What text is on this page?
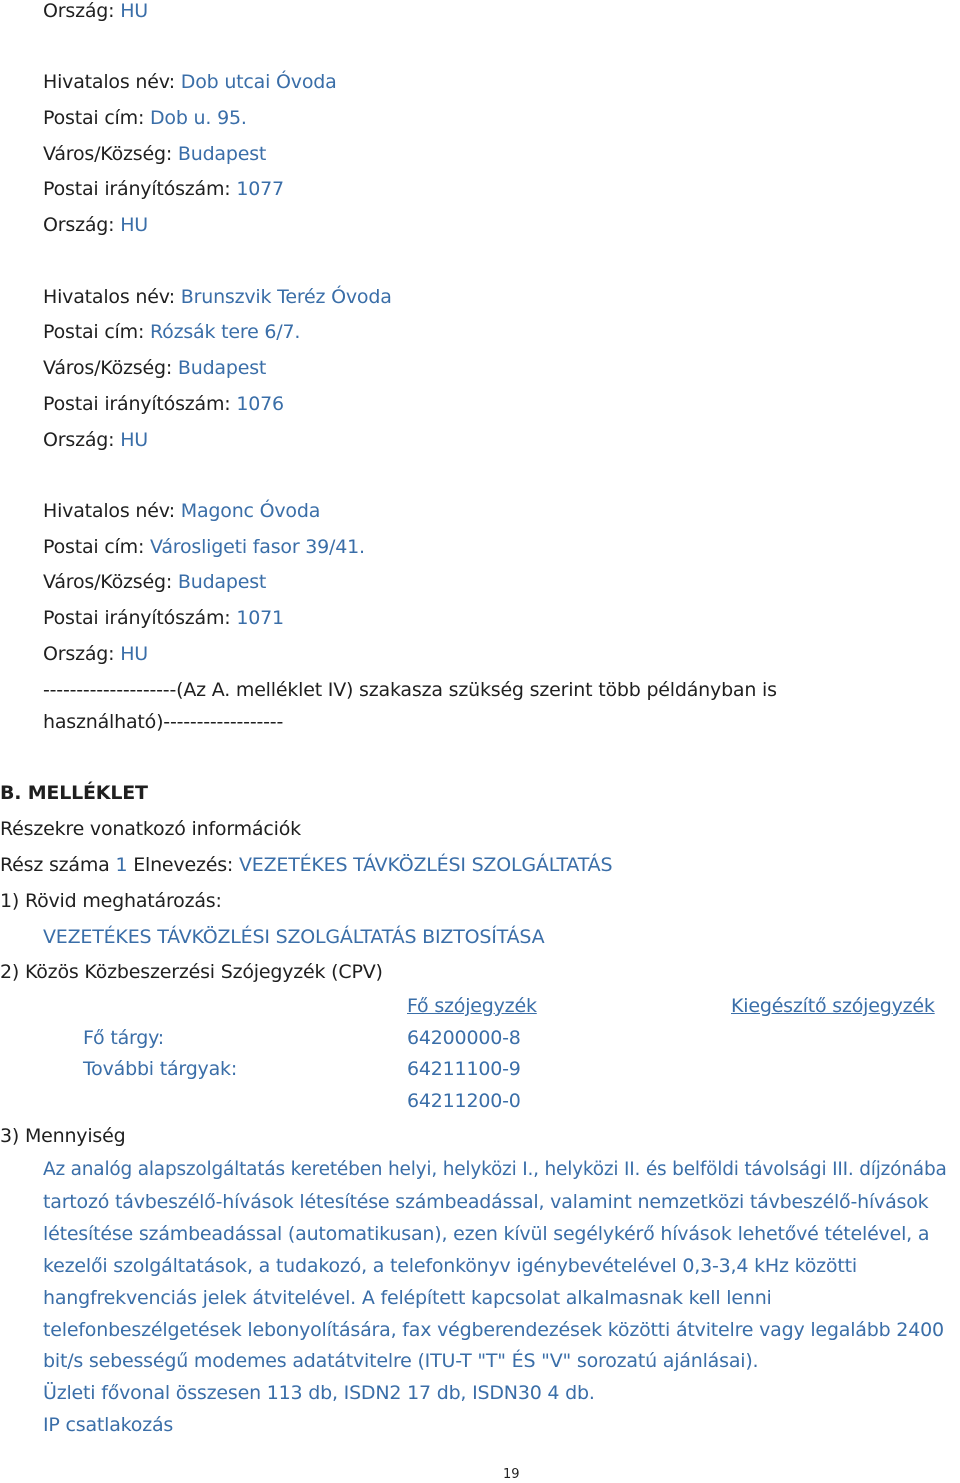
Ország: HU
Hivatalos név: Dob utcai Óvoda
Postai cím: Dob u. 95.
Város/Község: Budapest
Postai irányítószám: 1077
Ország: HU
Hivatalos név: Brunszvik Teréz Óvoda
Postai cím: Rózsák tere 6/7.
Város/Község: Budapest
Postai irányítószám: 1076
Ország: HU
Hivatalos név: Magonc Óvoda
Postai cím: Városligeti fasor 39/41.
Város/Község: Budapest
Postai irányítószám: 1071
Ország: HU
--------------------(Az A. melléklet IV) szakasza szükség szerint több példányban is
használható)------------------
B. MELLÉKLET
Részekre vonatkozó információk
Rész száma 1 Elnevezés: VEZETÉKES TÁVKÖZLÉSI SZOLGÁLTATÁS
1) Rövid meghatározás:
VEZETÉKES TÁVKÖZLÉSI SZOLGÁLTATÁS BIZTOSÍTÁSA
2) Közös Közbeszerzési Szójegyzék (CPV)
Fő szójegyzék	Kiegészítő szójegyzék
Fő tárgy:	64200000-8
További tárgyak:	64211100-9
64211200-0
3) Mennyiség
Az analóg alapszolgáltatás keretében helyi, helyközi I., helyközi II. és belföldi távolsági III. díjzónába
tartozó távbeszélő-hívások létesítése számbeadással, valamint nemzetközi távbeszélő-hívások
létesítése számbeadással (automatikusan), ezen kívül segélykérő hívások lehetővé tételével, a
kezelői szolgáltatások, a tudakozó, a telefonkönyv igénybevételével 0,3-3,4 kHz közötti
hangfrekvenciás jelek átvitelével. A felépített kapcsolat alkalmasnak kell lenni
telefonbeszélgetések lebonyolítására, fax végberendezések közötti átvitelre vagy legalább 2400
bit/s sebességű modemes adatátvitelre (ITU-T "T" ÉS "V" sorozatú ajánlásai).
Üzleti fővonal összesen 113 db, ISDN2 17 db, ISDN30 4 db.
IP csatlakozás
19
